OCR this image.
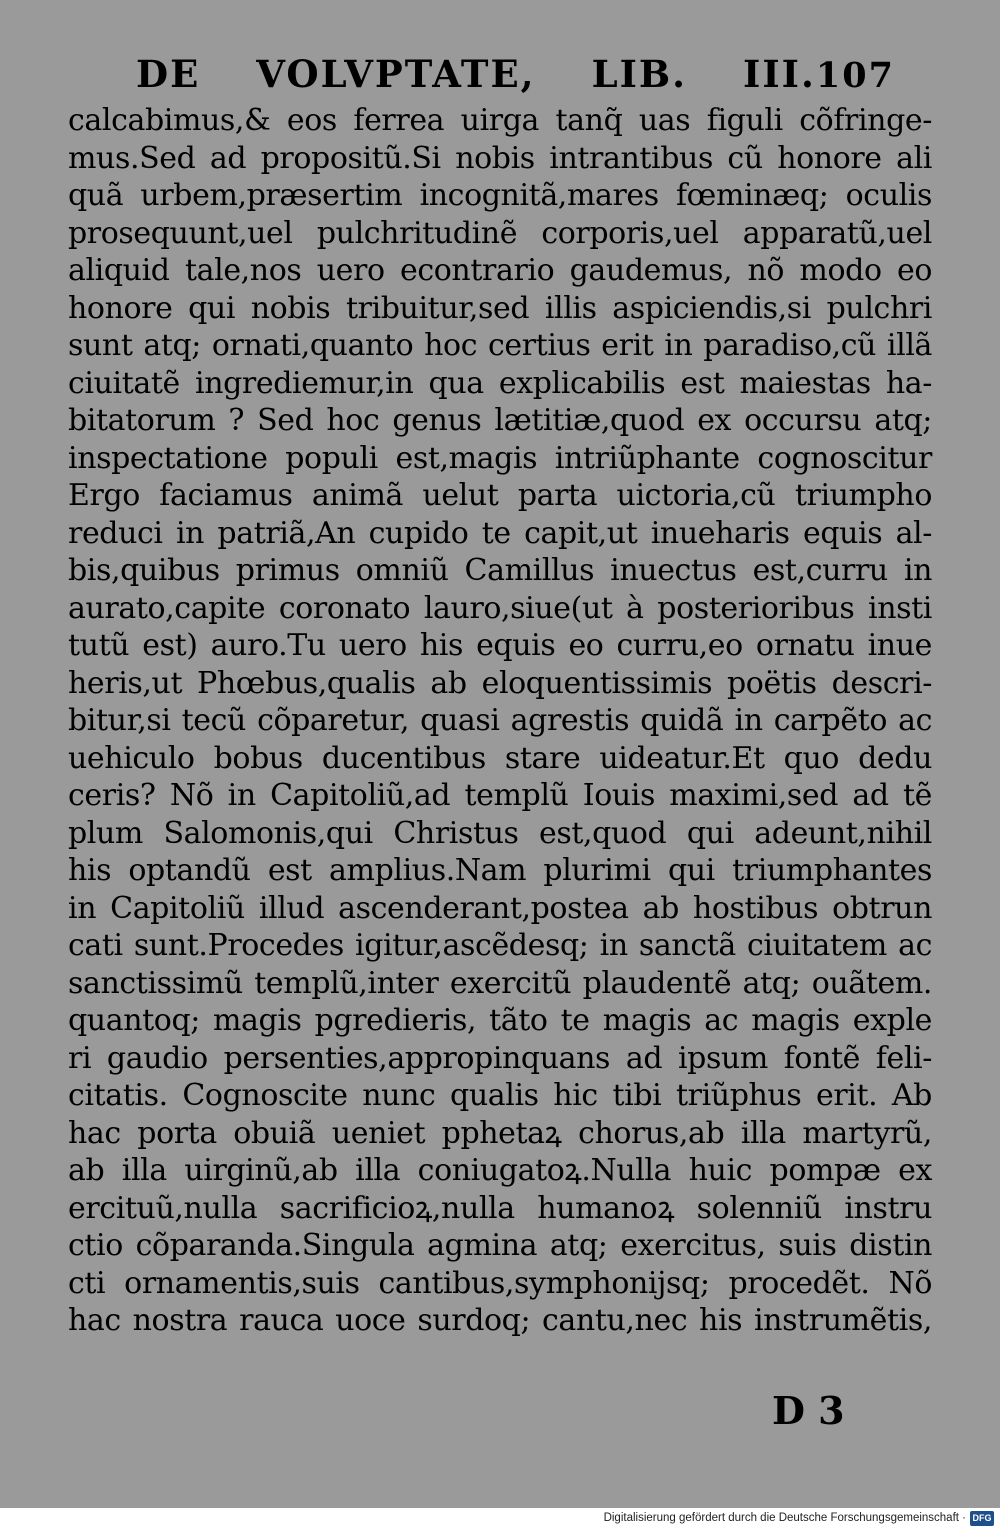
DE VOLVPTATE, LIB. III. 107
calcabimus,& eos ferrea uirga tanq̃ uas figuli cõfringe-
mus.Sed ad propositũ.Si nobis intrantibus cũ honore ali
quã urbem,præsertim incognitã,mares fœminæq; oculis
prosequunt,uel pulchritudinẽ corporis,uel apparatũ,uel
aliquid tale,nos uero econtrario gaudemus, nõ modo eo
honore qui nobis tribuitur,sed illis aspiciendis,si pulchri
sunt atq; ornati,quanto hoc certius erit in paradiso,cũ illã
ciuitatẽ ingrediemur,in qua explicabilis est maiestas ha-
bitatorum ? Sed hoc genus lætitiæ,quod ex occursu atq;
inspectatione populi est,magis intriũphante cognoscitur
Ergo faciamus animã uelut parta uictoria,cũ triumpho
reduci in patriã,An cupido te capit,ut inueharis equis al-
bis,quibus primus omniũ Camillus inuectus est,curru in
aurato,capite coronato lauro,siue(ut à posterioribus insti
tutũ est) auro.Tu uero his equis eo curru,eo ornatu inue
heris,ut Phœbus,qualis ab eloquentissimis poëtis descri-
bitur,si tecũ cõparetur, quasi agrestis quidã in carpẽto ac
uehiculo bobus ducentibus stare uideatur.Et quo dedu
ceris? Nõ in Capitoliũ,ad templũ Iouis maximi,sed ad tẽ
plum Salomonis,qui Christus est,quod qui adeunt,nihil
his optandũ est amplius.Nam plurimi qui triumphantes
in Capitoliũ illud ascenderant,postea ab hostibus obtrun
cati sunt.Procedes igitur,ascẽdesq; in sanctã ciuitatem ac
sanctissimũ templũ,inter exercitũ plaudentẽ atq; ouãtem.
quantoq; magis pgredieris, tãto te magis ac magis exple
ri gaudio persenties,appropinquans ad ipsum fontẽ feli-
citatis. Cognoscite nunc qualis hic tibi triũphus erit. Ab
hac porta obuiã ueniet pphetaꝝ chorus,ab illa martyrũ,
ab illa uirginũ,ab illa coniugatoꝝ.Nulla huic pompæ ex
ercituũ,nulla sacrificioꝝ,nulla humanoꝝ solenniũ instru
ctio cõparanda.Singula agmina atq; exercitus, suis distin
cti ornamentis,suis cantibus,symphonijsq; procedẽt. Nõ
hac nostra rauca uoce surdoq; cantu,nec his instrumẽtis,
D 3
Digitalisierung gefördert durch die Deutsche Forschungsgemeinschaft · DFG
